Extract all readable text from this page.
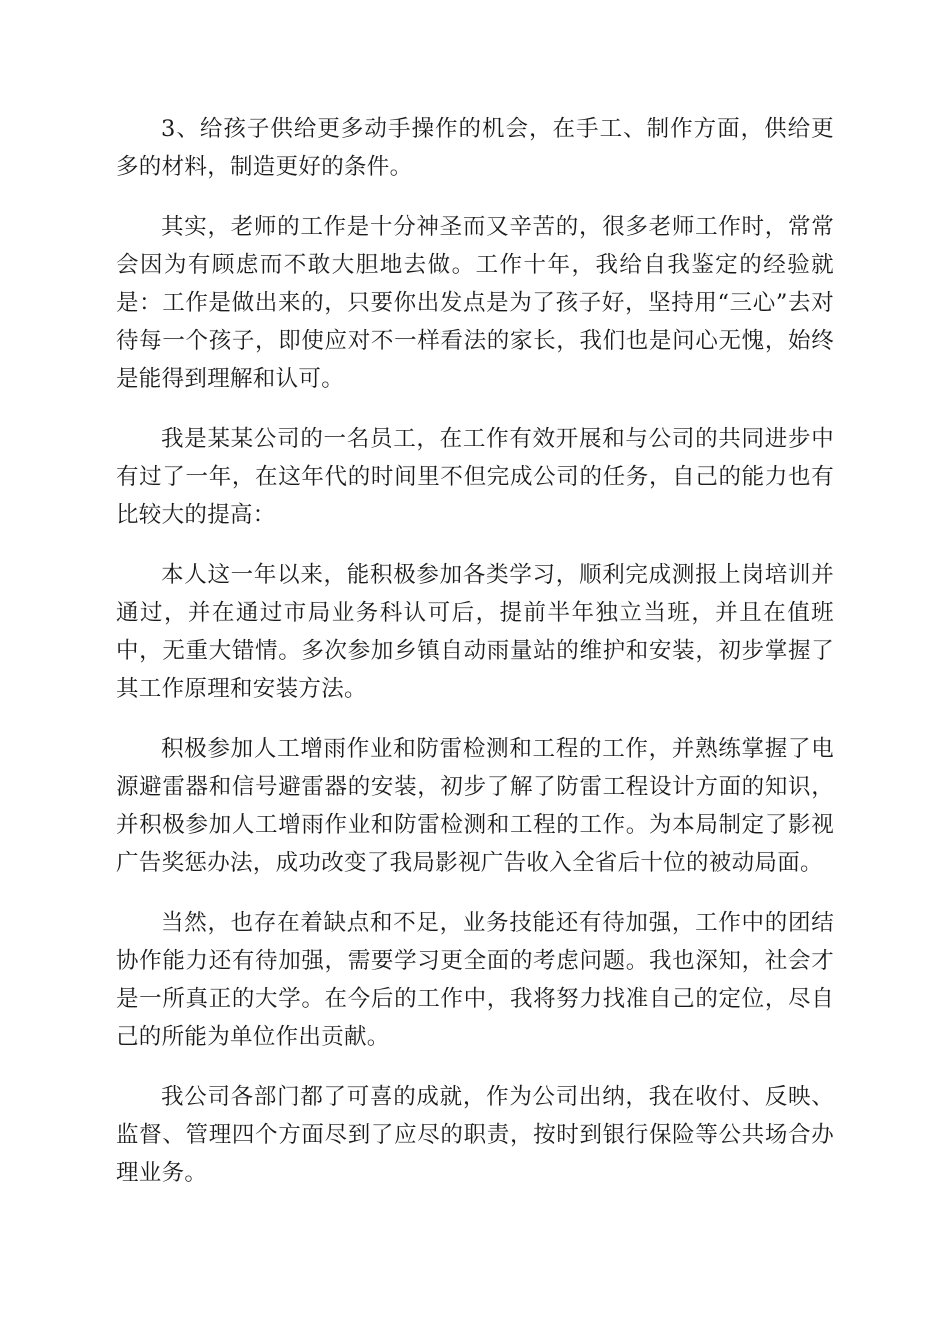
3、给孩子供给更多动手操作的机会，在手工、制作方面，供给更多的材料，制造更好的条件。

其实，老师的工作是十分神圣而又辛苦的，很多老师工作时，常常会因为有顾虑而不敢大胆地去做。工作十年，我给自我鉴定的经验就是：工作是做出来的，只要你出发点是为了孩子好，坚持用“三心”去对待每一个孩子，即使应对不一样看法的家长，我们也是问心无愧，始终是能得到理解和认可。

我是某某公司的一名员工，在工作有效开展和与公司的共同进步中有过了一年，在这年代的时间里不但完成公司的任务，自己的能力也有比较大的提高：

本人这一年以来，能积极参加各类学习，顺利完成测报上岗培训并通过，并在通过市局业务科认可后，提前半年独立当班，并且在值班中，无重大错情。多次参加乡镇自动雨量站的维护和安装，初步掌握了其工作原理和安装方法。

积极参加人工增雨作业和防雷检测和工程的工作，并熟练掌握了电源避雷器和信号避雷器的安装，初步了解了防雷工程设计方面的知识，并积极参加人工增雨作业和防雷检测和工程的工作。为本局制定了影视广告奖惩办法，成功改变了我局影视广告收入全省后十位的被动局面。

当然，也存在着缺点和不足，业务技能还有待加强，工作中的团结协作能力还有待加强，需要学习更全面的考虑问题。我也深知，社会才是一所真正的大学。在今后的工作中，我将努力找准自己的定位，尽自己的所能为单位作出贡献。

我公司各部门都了可喜的成就，作为公司出纳，我在收付、反映、监督、管理四个方面尽到了应尽的职责，按时到银行保险等公共场合办理业务。
